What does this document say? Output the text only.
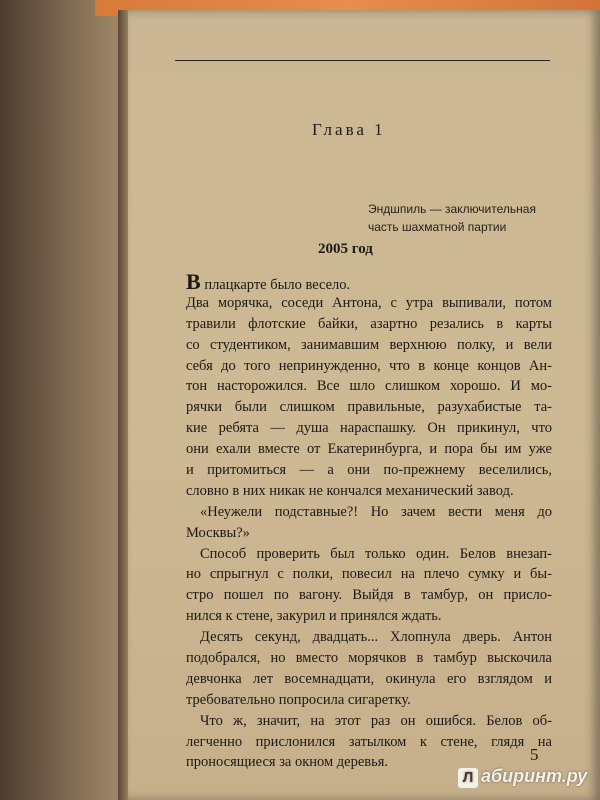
Глава 1
Эндшпиль — заключительная
часть шахматной партии
2005 год
В плацкарте было весело.
Два морячка, соседи Антона, с утра выпивали, потом
травили флотские байки, азартно резались в карты
со студентиком, занимавшим верхнюю полку, и вели
себя до того непринужденно, что в конце концов Ан-
тон насторожился. Все шло слишком хорошо. И мо-
рячки были слишком правильные, разухабистые та-
кие ребята — душа нараспашку. Он прикинул, что
они ехали вместе от Екатеринбурга, и пора бы им уже
и притомиться — а они по-прежнему веселились,
словно в них никак не кончался механический завод.
«Неужели подставные?! Но зачем вести меня до
Москвы?»
Способ проверить был только один. Белов внезап-
но спрыгнул с полки, повесил на плечо сумку и бы-
стро пошел по вагону. Выйдя в тамбур, он присло-
нился к стене, закурил и принялся ждать.
Десять секунд, двадцать... Хлопнула дверь. Антон
подобрался, но вместо морячков в тамбур выскочила
девчонка лет восемнадцати, окинула его взглядом и
требовательно попросила сигаретку.
Что ж, значит, на этот раз он ошибся. Белов об-
легченно прислонился затылком к стене, глядя на
проносящиеся за окном деревья.	5
Л абиринт.ру
